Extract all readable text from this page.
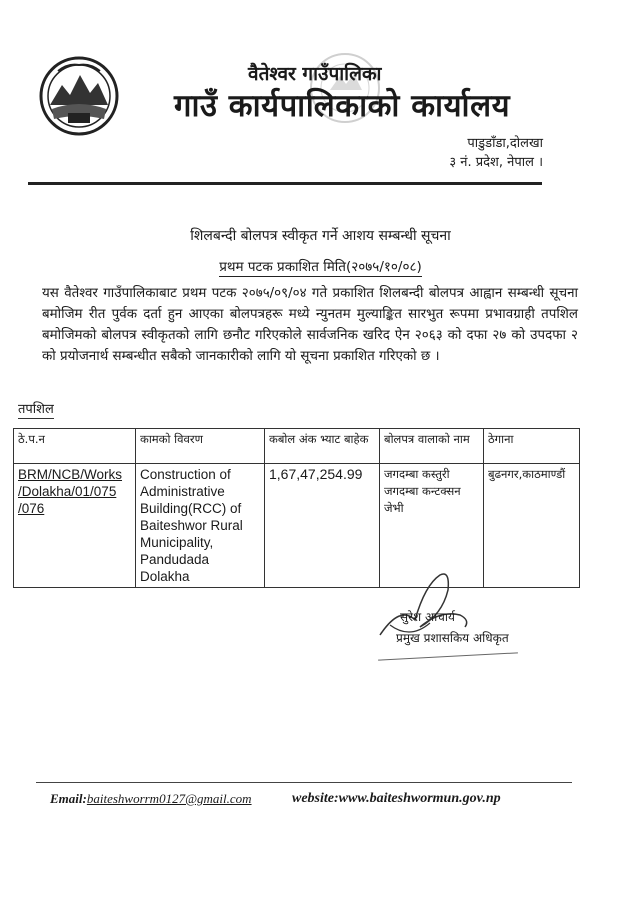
वैतेश्वर गाउँपालिका
गाउँ कार्यपालिकाको कार्यालय
पाडुडाँडा,दोलखा
३ नं. प्रदेश, नेपाल ।
शिलबन्दी बोलपत्र स्वीकृत गर्ने आशय सम्बन्धी सूचना
प्रथम पटक प्रकाशित मिति(२०७५/१०/०८)
यस वैतेश्वर गाउँपालिकाबाट प्रथम पटक २०७५/०९/०४ गते प्रकाशित शिलबन्दी बोलपत्र आह्वान सम्बन्धी सूचना बमोजिम रीत पुर्वक दर्ता हुन आएका बोलपत्रहरू मध्ये न्युनतम मुल्याङ्कित सारभुत रूपमा प्रभावग्राही तपशिल बमोजिमको बोलपत्र स्वीकृतको लागि छनौट गरिएकोले सार्वजनिक खरिद ऐन २०६३ को दफा २७ को उपदफा २ को प्रयोजनार्थ सम्बन्धीत सबैको जानकारीको लागि यो सूचना प्रकाशित गरिएको छ ।
तपशिल
ठे.प.न	कामको विवरण	कबोल अंक भ्याट बाहेक	बोलपत्र वालाको नाम	ठेगाना
BRM/NCB/Works /Dolakha/01/075 /076	Construction of Administrative Building(RCC) of Baiteshwor Rural Municipality, Pandudada Dolakha	1,67,47,254.99	जगदम्बा कस्तुरी जगदम्बा कन्टक्सन जेभी	बुढनगर,काठमाण्डौं
सुरेश आचार्य
प्रमुख प्रशासकिय अधिकृत
Email:baiteshworrm0127@gmail.com	website:www.baiteshwormun.gov.np
